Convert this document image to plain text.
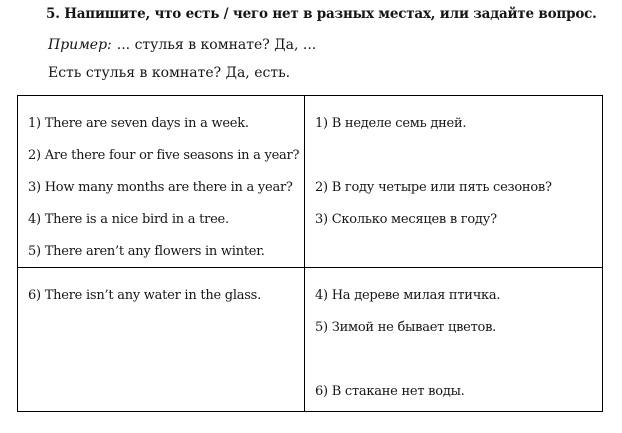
5. Напишите, что есть / чего нет в разных местах, или задайте вопрос.
Пример: ... стулья в комнате? Да, ...
Есть стулья в комнате? Да, есть.
1) There are seven days in a week.
2) Are there four or five seasons in a year?
3) How many months are there in a year?
4) There is a nice bird in a tree.
5) There aren’t any flowers in winter.
1) В неделе семь дней.
2) В году четыре или пять сезонов?
3) Сколько месяцев в году?
6) There isn’t any water in the glass.	4) На дереве милая птичка.
5) Зимой не бывает цветов.
6) В стакане нет воды.
